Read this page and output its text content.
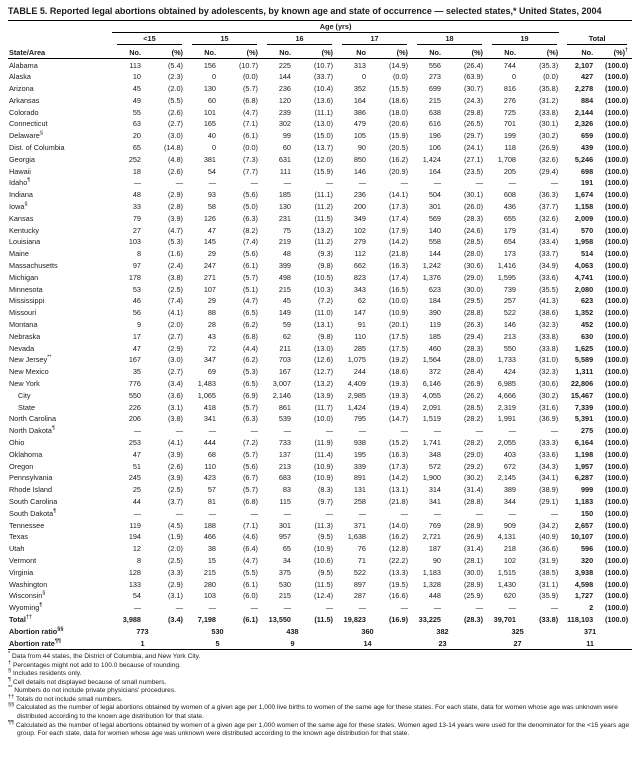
TABLE 5. Reported legal abortions obtained by adolescents, by known age and state of occurrence — selected states,* United States, 2004

	Age (yrs)													

	<15		15		16		17		18		19		Total	

State/Area	No.	(%)	No.	(%)	No.	(%)	No	(%)	No.	(%)	No.	(%)	No.	(%)†
Alabama	113	(5.4)	156	(10.7)	225	(10.7)	313	(14.9)	556	(26.4)	744	(35.3)	2,107	(100.0)
Alaska	10	(2.3)	0	(0.0)	144	(33.7)	0	(0.0)	273	(63.9)	0	(0.0)	427	(100.0)
Arizona	45	(2.0)	130	(5.7)	236	(10.4)	352	(15.5)	699	(30.7)	816	(35.8)	2,278	(100.0)
Arkansas	49	(5.5)	60	(6.8)	120	(13.6)	164	(18.6)	215	(24.3)	276	(31.2)	884	(100.0)
Colorado	55	(2.6)	101	(4.7)	239	(11.1)	386	(18.0)	638	(29.8)	725	(33.8)	2,144	(100.0)
Connecticut	63	(2.7)	165	(7.1)	302	(13.0)	479	(20.6)	616	(26.5)	701	(30.1)	2,326	(100.0)
Delaware§	20	(3.0)	40	(6.1)	99	(15.0)	105	(15.9)	196	(29.7)	199	(30.2)	659	(100.0)
Dist. of Columbia	65	(14.8)	0	(0.0)	60	(13.7)	90	(20.5)	106	(24.1)	118	(26.9)	439	(100.0)
Georgia	252	(4.8)	381	(7.3)	631	(12.0)	850	(16.2)	1,424	(27.1)	1,708	(32.6)	5,246	(100.0)
Hawaii	18	(2.6)	54	(7.7)	111	(15.9)	146	(20.9)	164	(23.5)	205	(29.4)	698	(100.0)
Idaho¶	—	—	—	—	—	—	—	—	—	—	—	—	191	(100.0)
Indiana	48	(2.9)	93	(5.6)	185	(11.1)	236	(14.1)	504	(30.1)	608	(36.3)	1,674	(100.0)
Iowa§	33	(2.8)	58	(5.0)	130	(11.2)	200	(17.3)	301	(26.0)	436	(37.7)	1,158	(100.0)
Kansas	79	(3.9)	126	(6.3)	231	(11.5)	349	(17.4)	569	(28.3)	655	(32.6)	2,009	(100.0)
Kentucky	27	(4.7)	47	(8.2)	75	(13.2)	102	(17.9)	140	(24.6)	179	(31.4)	570	(100.0)
Louisiana	103	(5.3)	145	(7.4)	219	(11.2)	279	(14.2)	558	(28.5)	654	(33.4)	1,958	(100.0)
Maine	8	(1.6)	29	(5.6)	48	(9.3)	112	(21.8)	144	(28.0)	173	(33.7)	514	(100.0)
Massachusetts	97	(2.4)	247	(6.1)	399	(9.8)	662	(16.3)	1,242	(30.6)	1,416	(34.9)	4,063	(100.0)
Michigan	178	(3.8)	271	(5.7)	498	(10.5)	823	(17.4)	1,376	(29.0)	1,595	(33.6)	4,741	(100.0)
Minnesota	53	(2.5)	107	(5.1)	215	(10.3)	343	(16.5)	623	(30.0)	739	(35.5)	2,080	(100.0)
Mississippi	46	(7.4)	29	(4.7)	45	(7.2)	62	(10.0)	184	(29.5)	257	(41.3)	623	(100.0)
Missouri	56	(4.1)	88	(6.5)	149	(11.0)	147	(10.9)	390	(28.8)	522	(38.6)	1,352	(100.0)
Montana	9	(2.0)	28	(6.2)	59	(13.1)	91	(20.1)	119	(26.3)	146	(32.3)	452	(100.0)
Nebraska	17	(2.7)	43	(6.8)	62	(9.8)	110	(17.5)	185	(29.4)	213	(33.8)	630	(100.0)
Nevada	47	(2.9)	72	(4.4)	211	(13.0)	285	(17.5)	460	(28.3)	550	(33.8)	1,625	(100.0)
New Jersey**	167	(3.0)	347	(6.2)	703	(12.6)	1,075	(19.2)	1,564	(28.0)	1,733	(31.0)	5,589	(100.0)
New Mexico	35	(2.7)	69	(5.3)	167	(12.7)	244	(18.6)	372	(28.4)	424	(32.3)	1,311	(100.0)
New York	776	(3.4)	1,483	(6.5)	3,007	(13.2)	4,409	(19.3)	6,146	(26.9)	6,985	(30.6)	22,806	(100.0)
City	550	(3.6)	1,065	(6.9)	2,146	(13.9)	2,985	(19.3)	4,055	(26.2)	4,666	(30.2)	15,467	(100.0)
State	226	(3.1)	418	(5.7)	861	(11.7)	1,424	(19.4)	2,091	(28.5)	2,319	(31.6)	7,339	(100.0)
North Carolina	206	(3.8)	341	(6.3)	539	(10.0)	795	(14.7)	1,519	(28.2)	1,991	(36.9)	5,391	(100.0)
North Dakota¶	—	—	—	—	—	—	—	—	—	—	—	—	275	(100.0)
Ohio	253	(4.1)	444	(7.2)	733	(11.9)	938	(15.2)	1,741	(28.2)	2,055	(33.3)	6,164	(100.0)
Oklahoma	47	(3.9)	68	(5.7)	137	(11.4)	195	(16.3)	348	(29.0)	403	(33.6)	1,198	(100.0)
Oregon	51	(2.6)	110	(5.6)	213	(10.9)	339	(17.3)	572	(29.2)	672	(34.3)	1,957	(100.0)
Pennsylvania	245	(3.9)	423	(6.7)	683	(10.9)	891	(14.2)	1,900	(30.2)	2,145	(34.1)	6,287	(100.0)
Rhode Island	25	(2.5)	57	(5.7)	83	(8.3)	131	(13.1)	314	(31.4)	389	(38.9)	999	(100.0)
South Carolina	44	(3.7)	81	(6.8)	115	(9.7)	258	(21.8)	341	(28.8)	344	(29.1)	1,183	(100.0)
South Dakota¶	—	—	—	—	—	—	—	—	—	—	—	—	150	(100.0)
Tennessee	119	(4.5)	188	(7.1)	301	(11.3)	371	(14.0)	769	(28.9)	909	(34.2)	2,657	(100.0)
Texas	194	(1.9)	466	(4.6)	957	(9.5)	1,638	(16.2)	2,721	(26.9)	4,131	(40.9)	10,107	(100.0)
Utah	12	(2.0)	38	(6.4)	65	(10.9)	76	(12.8)	187	(31.4)	218	(36.6)	596	(100.0)
Vermont	8	(2.5)	15	(4.7)	34	(10.6)	71	(22.2)	90	(28.1)	102	(31.9)	320	(100.0)
Virginia	128	(3.3)	215	(5.5)	375	(9.5)	522	(13.3)	1,183	(30.0)	1,515	(38.5)	3,938	(100.0)
Washington	133	(2.9)	280	(6.1)	530	(11.5)	897	(19.5)	1,328	(28.9)	1,430	(31.1)	4,598	(100.0)
Wisconsin§	54	(3.1)	103	(6.0)	215	(12.4)	287	(16.6)	448	(25.9)	620	(35.9)	1,727	(100.0)
Wyoming¶	—	—	—	—	—	—	—	—	—	—	—	—	2	(100.0)
Total††	3,988	(3.4)	7,198	(6.1)	13,550	(11.5)	19,823	(16.9)	33,225	(28.3)	39,701	(33.8)	118,103	(100.0)
Abortion ratio§§	773		530		438		360		382		325		371	
Abortion rate¶¶	1		5		9		14		23		27		11	
* Data from 44 states, the District of Columbia, and New York City.
† Percentages might not add to 100.0 because of rounding.
§ Includes residents only.
¶ Cell details not displayed because of small numbers.
** Numbers do not include private physicians' procedures.
†† Totals do not include small numbers.
§§ Calculated as the number of legal abortions obtained by women of a given age per 1,000 live births to women of the same age for these states. For each state, data for women whose age was unknown were distributed according to the known age distribution for that state.
¶¶ Calculated as the number of legal abortions obtained by women of a given age per 1,000 women of the same age for these states. Women aged 13-14 years were used for the denominator for the <15 years age group. For each state, data for women whose age was unknown were distributed according to the known age distribution for that state.
